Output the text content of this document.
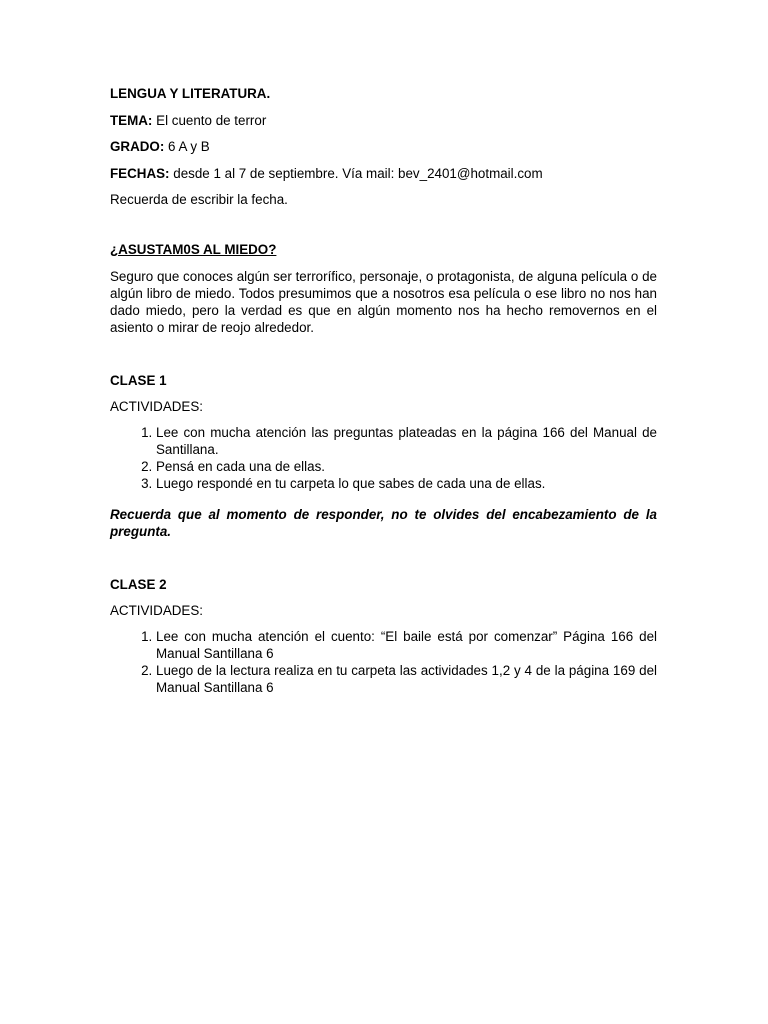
LENGUA Y LITERATURA.

TEMA: El cuento de terror

GRADO: 6 A y B

FECHAS: desde 1 al 7 de septiembre. Vía mail: bev_2401@hotmail.com

Recuerda de escribir la fecha.

¿ASUSTAM0S AL MIEDO?

Seguro que conoces algún ser terrorífico, personaje, o protagonista, de alguna película o de algún libro de miedo. Todos presumimos que a nosotros esa película o ese libro no nos han dado miedo, pero la verdad es que en algún momento nos ha hecho removernos en el asiento o mirar de reojo alrededor.

CLASE 1

ACTIVIDADES:

1. Lee con mucha atención las preguntas plateadas en la página 166 del Manual de Santillana.
2. Pensá en cada una de ellas.
3. Luego respondé en tu carpeta lo que sabes de cada una de ellas.

Recuerda que al momento de responder, no te olvides del encabezamiento de la pregunta.

CLASE 2

ACTIVIDADES:

1. Lee con mucha atención el cuento: “El baile está por comenzar” Página 166 del Manual Santillana 6
2. Luego de la lectura realiza en tu carpeta las actividades 1,2 y 4 de la página 169 del Manual Santillana 6
